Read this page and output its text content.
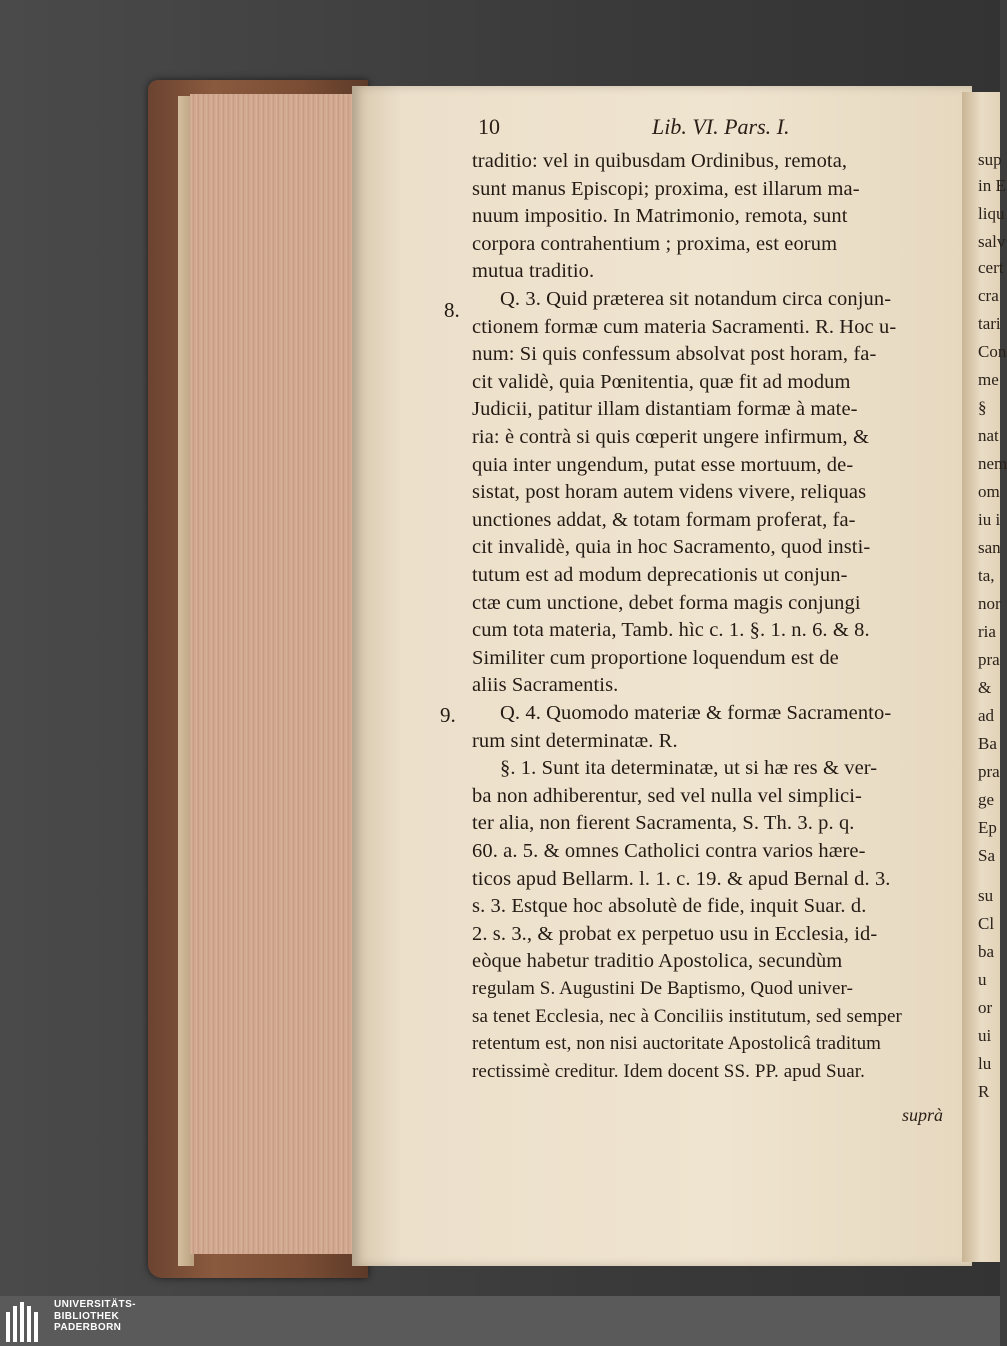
sup
in E
liqu
salv
cert
cra
tari
Con
me
§
nat
nem
om
iu i
san
ta,
nor
ria
pra
&
ad
Ba
pra
ge
Ep
Sa
su
Cl
ba
u
or
ui
lu
R
10	Lib. VI. Pars. I.
8.
9.
traditio: vel in quibusdam Ordinibus, remota,
sunt manus Episcopi; proxima, est illarum ma-
nuum impositio. In Matrimonio, remota, sunt
corpora contrahentium ; proxima, est eorum
mutua traditio.
Q. 3. Quid præterea sit notandum circa conjun-
ctionem formæ cum materia Sacramenti. R. Hoc u-
num: Si quis confessum absolvat post horam, fa-
cit validè, quia Pœnitentia, quæ fit ad modum
Judicii, patitur illam distantiam formæ à mate-
ria: è contrà si quis cœperit ungere infirmum, &
quia inter ungendum, putat esse mortuum, de-
sistat, post horam autem videns vivere, reliquas
unctiones addat, & totam formam proferat, fa-
cit invalidè, quia in hoc Sacramento, quod insti-
tutum est ad modum deprecationis ut conjun-
ctæ cum unctione, debet forma magis conjungi
cum tota materia, Tamb. hìc c. 1. §. 1. n. 6. & 8.
Similiter cum proportione loquendum est de
aliis Sacramentis.
Q. 4. Quomodo materiæ & formæ Sacramento-
rum sint determinatæ. R.
§. 1. Sunt ita determinatæ, ut si hæ res & ver-
ba non adhiberentur, sed vel nulla vel simplici-
ter alia, non fierent Sacramenta, S. Th. 3. p. q.
60. a. 5. & omnes Catholici contra varios hære-
ticos apud Bellarm. l. 1. c. 19. & apud Bernal d. 3.
s. 3. Estque hoc absolutè de fide, inquit Suar. d.
2. s. 3., & probat ex perpetuo usu in Ecclesia, id-
eòque habetur traditio Apostolica, secundùm
regulam S. Augustini De Baptismo, Quod univer-
sa tenet Ecclesia, nec à Conciliis institutum, sed semper
retentum est, non nisi auctoritate Apostolicâ traditum
rectissimè creditur. Idem docent SS. PP. apud Suar.
suprà
UNIVERSITÄTS-
BIBLIOTHEK
PADERBORN
